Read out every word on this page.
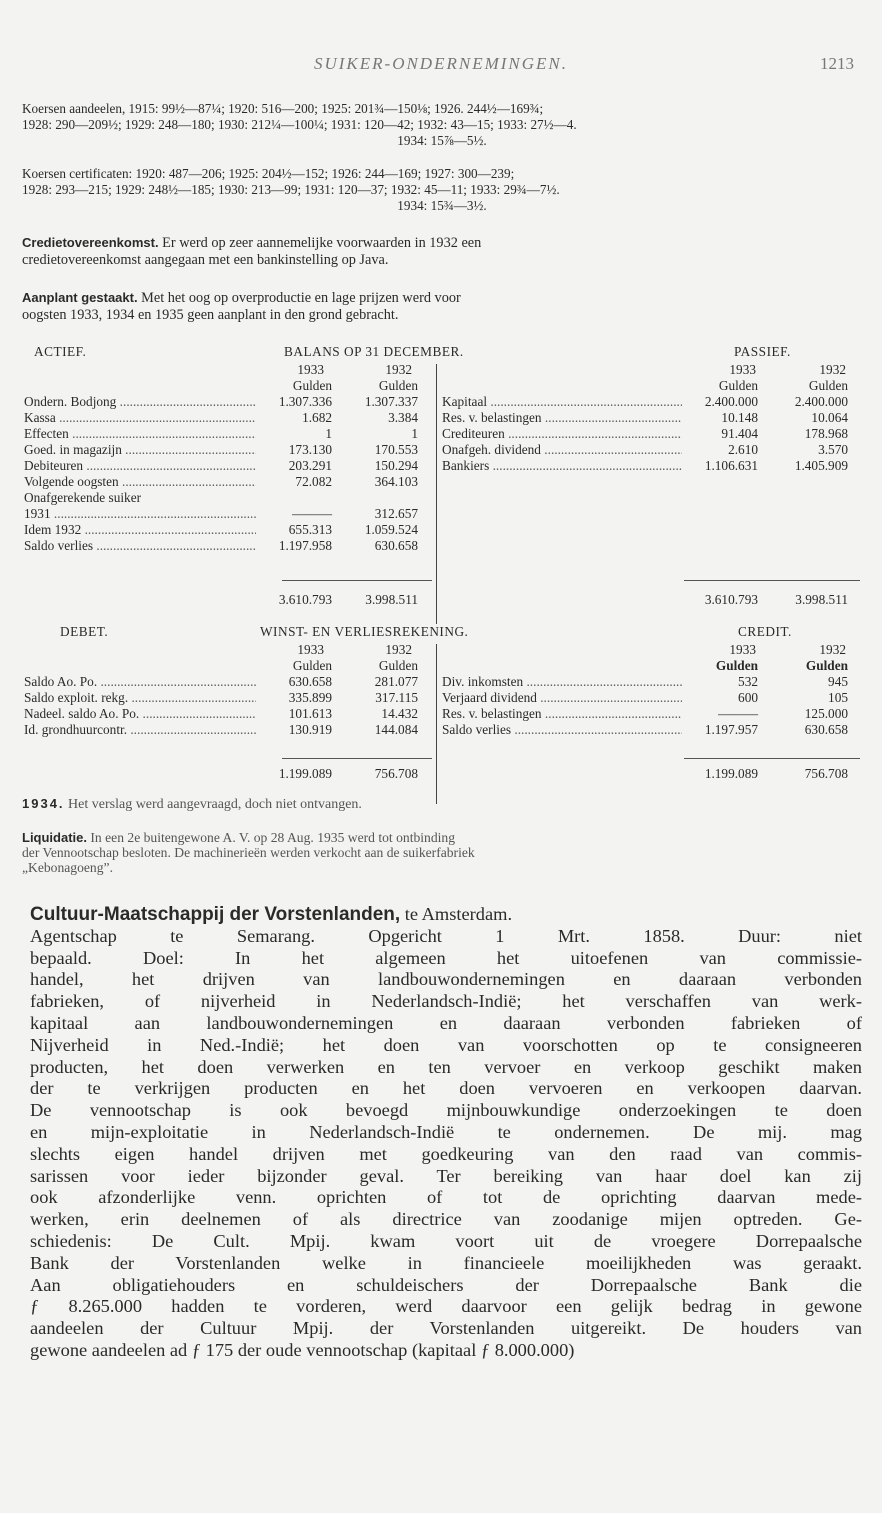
SUIKER-ONDERNEMINGEN.	1213

Koersen aandeelen, 1915: 99½—87¼; 1920: 516—200; 1925: 201¾—150⅛; 1926. 244½—169¾;

1928: 290—209½; 1929: 248—180; 1930: 212¼—100¼; 1931: 120—42; 1932: 43—15; 1933: 27½—4.

1934: 15⅞—5½.

Koersen certificaten: 1920: 487—206; 1925: 204½—152; 1926: 244—169; 1927: 300—239;

1928: 293—215; 1929: 248½—185; 1930: 213—99; 1931: 120—37; 1932: 45—11; 1933: 29¾—7½.

1934: 15¾—3½.

Credietovereenkomst. Er werd op zeer aannemelijke voorwaarden in 1932 een

credietovereenkomst aangegaan met een bankinstelling op Java.

Aanplant gestaakt. Met het oog op overproductie en lage prijzen werd voor

oogsten 1933, 1934 en 1935 geen aanplant in den grond gebracht.

ACTIEF.	BALANS OP 31 DECEMBER.	PASSIEF.
1933	1932	1933	1932
Gulden	Gulden	Gulden	Gulden
Ondern. Bodjong .....	1.307.336	1.307.337 Kapitaal .....	2.400.000	2.400.000
Kassa .....	1.682	3.384 Res. v. belastingen .....	10.148	10.064
Effecten .....	1	1 Crediteuren .....	91.404	178.968
Goed. in magazijn .....	173.130	170.553 Onafgeh. dividend .....	2.610	3.570
Debiteuren .....	203.291	150.294 Bankiers .....	1.106.631	1.405.909
Volgende oogsten .....	72.082	364.103
Onafgerekende suiker
1931 .....	———	312.657
Idem 1932 .....	655.313	1.059.524
Saldo verlies .....	1.197.958	630.658
3.610.793	3.998.511	3.610.793	3.998.511
DEBET.	WINST- EN VERLIESREKENING.	CREDIT.
1933	1932	1933	1932
Gulden	Gulden	Gulden	Gulden
Saldo Ao. Po. .....	630.658	281.077 Div. inkomsten .....	532	945
Saldo exploit. rekg. .....	335.899	317.115 Verjaard dividend .....	600	105
Nadeel. saldo Ao. Po. .....	101.613	14.432 Res. v. belastingen .....	———	125.000
Id. grondhuurcontr. .....	130.919	144.084 Saldo verlies .....	1.197.957	630.658
1.199.089	756.708	1.199.089	756.708

1934. Het verslag werd aangevraagd, doch niet ontvangen.

Liquidatie. In een 2e buitengewone A. V. op 28 Aug. 1935 werd tot ontbinding

der Vennootschap besloten. De machinerieën werden verkocht aan de suikerfabriek

„Kebonagoeng”.

Cultuur-Maatschappij der Vorstenlanden, te Amsterdam.
Agentschap te Semarang. Opgericht 1 Mrt. 1858. Duur: niet
bepaald. Doel: In het algemeen het uitoefenen van commissie-
handel, het drijven van landbouwondernemingen en daaraan verbonden
fabrieken, of nijverheid in Nederlandsch-Indië; het verschaffen van werk-
kapitaal aan landbouwondernemingen en daaraan verbonden fabrieken of
Nijverheid in Ned.-Indië; het doen van voorschotten op te consigneeren
producten, het doen verwerken en ten vervoer en verkoop geschikt maken
der te verkrijgen producten en het doen vervoeren en verkoopen daarvan.
De vennootschap is ook bevoegd mijnbouwkundige onderzoekingen te doen
en mijn-exploitatie in Nederlandsch-Indië te ondernemen. De mij. mag
slechts eigen handel drijven met goedkeuring van den raad van commis-
sarissen voor ieder bijzonder geval. Ter bereiking van haar doel kan zij
ook afzonderlijke venn. oprichten of tot de oprichting daarvan mede-
werken, erin deelnemen of als directrice van zoodanige mijen optreden. Ge-
schiedenis: De Cult. Mpij. kwam voort uit de vroegere Dorrepaalsche
Bank der Vorstenlanden welke in financieele moeilijkheden was geraakt.
Aan obligatiehouders en schuldeischers der Dorrepaalsche Bank die
ƒ 8.265.000 hadden te vorderen, werd daarvoor een gelijk bedrag in gewone
aandeelen der Cultuur Mpij. der Vorstenlanden uitgereikt. De houders van
gewone aandeelen ad ƒ 175 der oude vennootschap (kapitaal ƒ 8.000.000)
